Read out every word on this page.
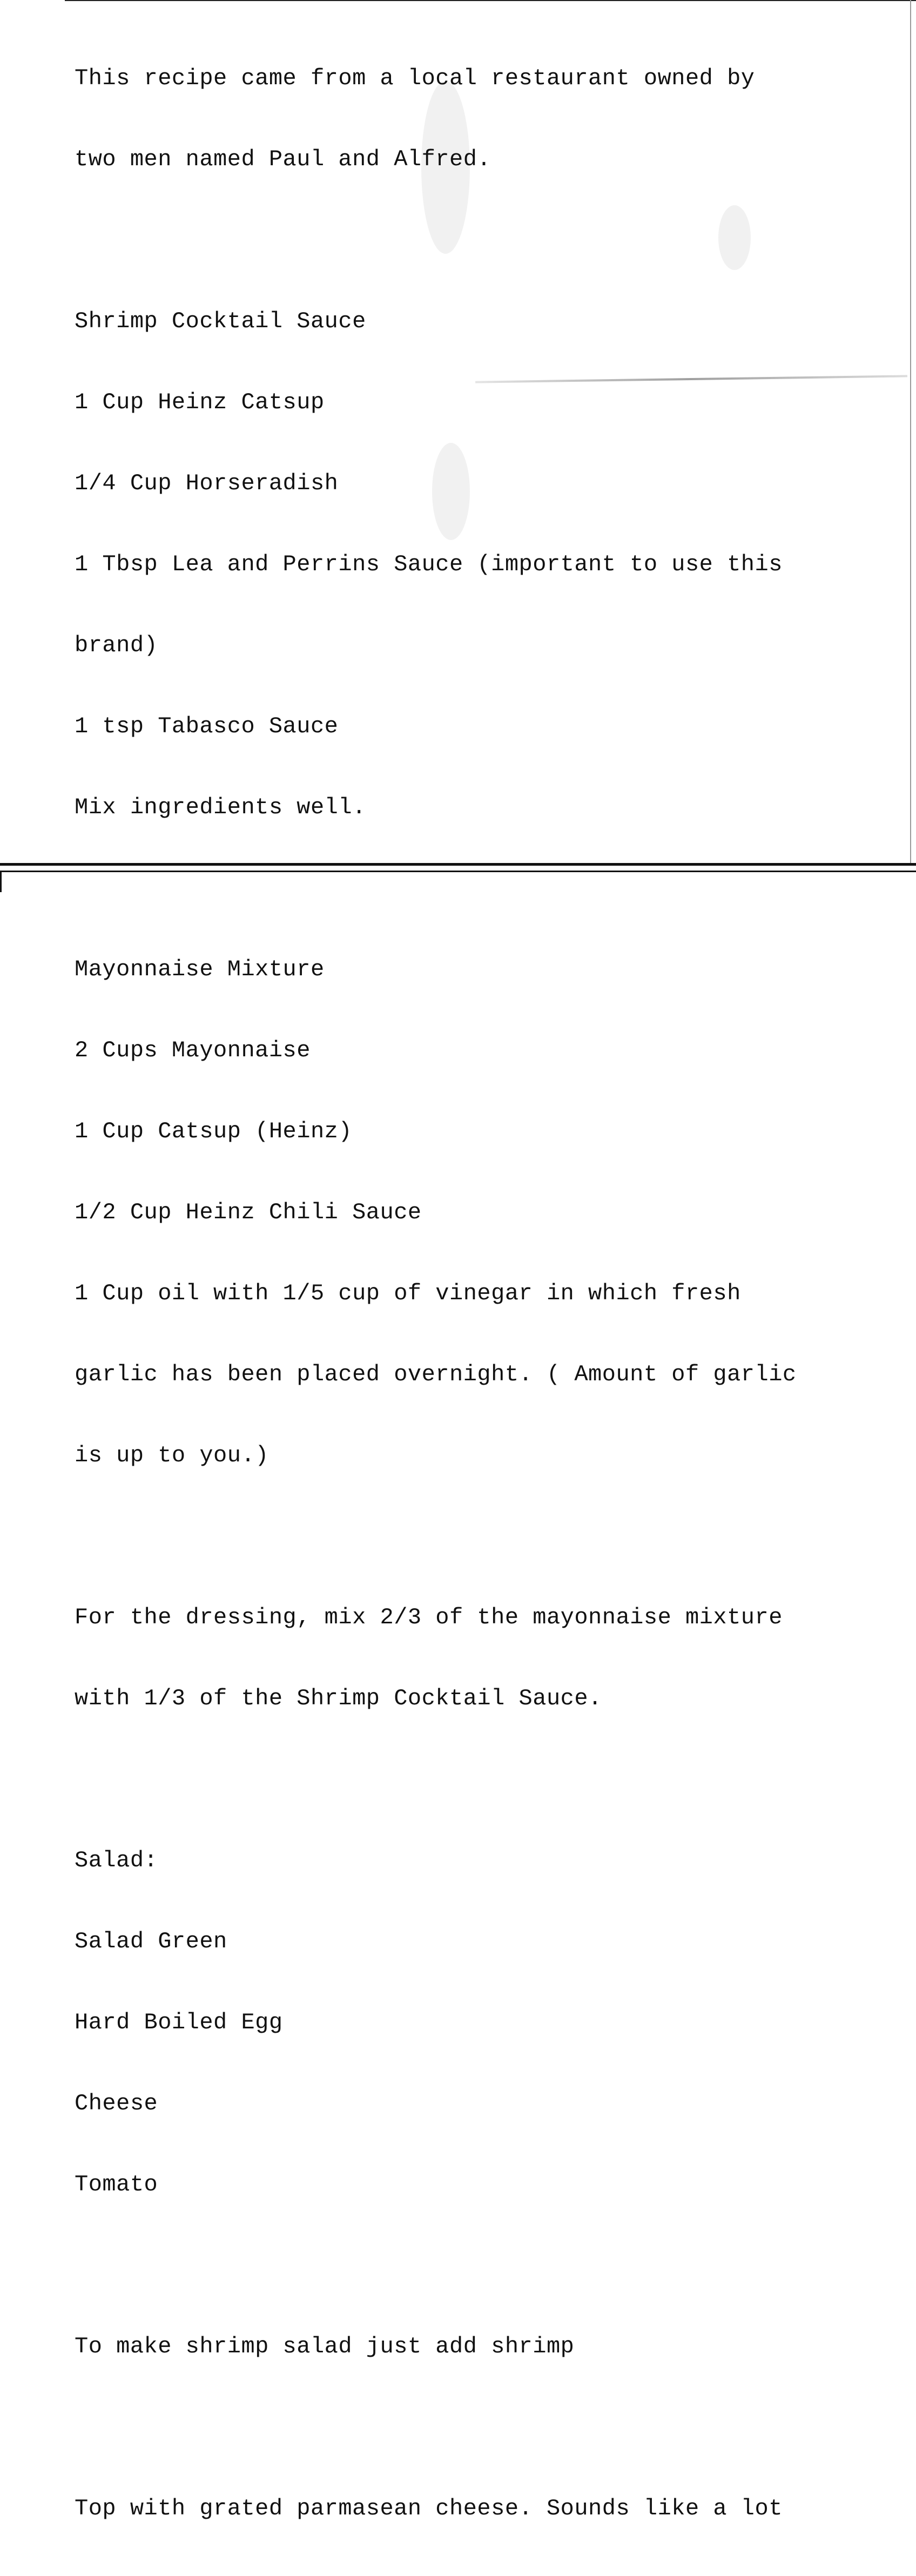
This recipe came from a local restaurant owned by

two men named Paul and Alfred.

Shrimp Cocktail Sauce

1 Cup Heinz Catsup

1/4 Cup Horseradish

1 Tbsp Lea and Perrins Sauce (important to use this

brand)

1 tsp Tabasco Sauce

Mix ingredients well.

Mayonnaise Mixture

2 Cups Mayonnaise

1 Cup Catsup (Heinz)

1/2 Cup Heinz Chili Sauce

1 Cup oil with 1/5 cup of vinegar in which fresh

garlic has been placed overnight. ( Amount of garlic

is up to you.)

For the dressing, mix 2/3 of the mayonnaise mixture

with 1/3 of the Shrimp Cocktail Sauce.

Salad:

Salad Green

Hard Boiled Egg

Cheese

Tomato

To make shrimp salad just add shrimp

Top with grated parmasean cheese. Sounds like a lot
